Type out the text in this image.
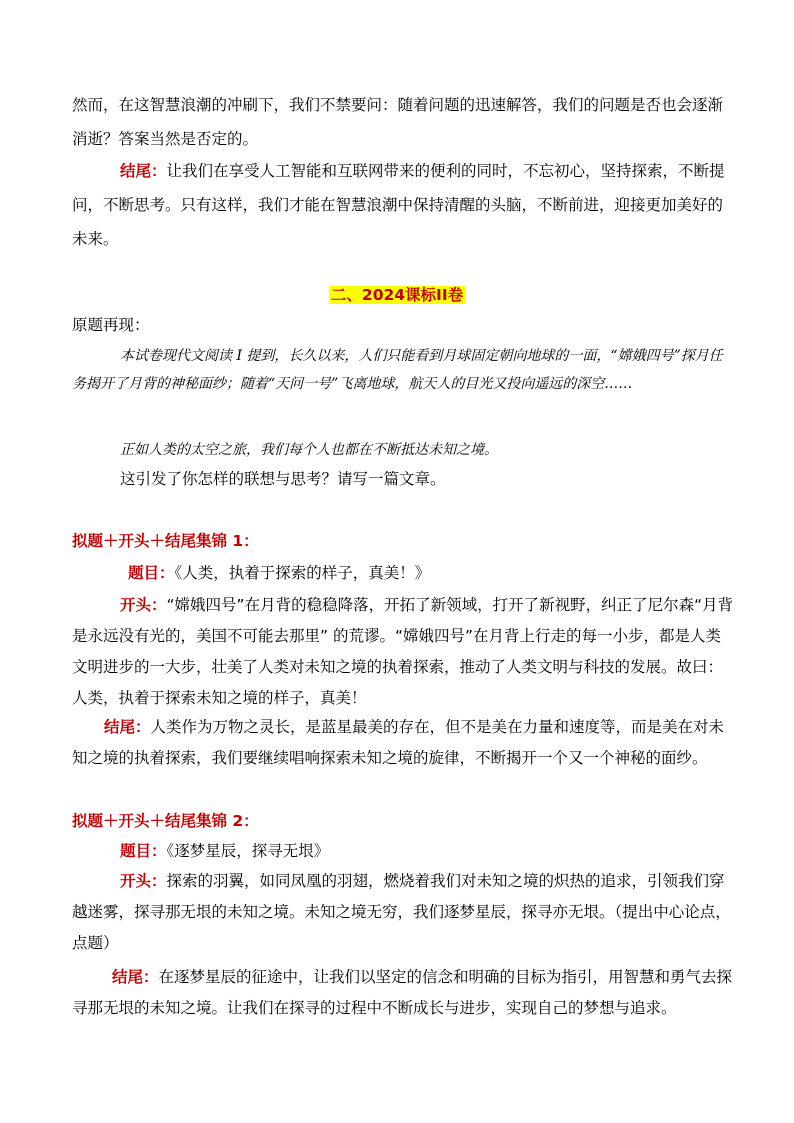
然而，在这智慧浪潮的冲刷下，我们不禁要问：随着问题的迅速解答，我们的问题是否也会逐渐消逝？答案当然是否定的。

结尾：让我们在享受人工智能和互联网带来的便利的同时，不忘初心，坚持探索，不断提问，不断思考。只有这样，我们才能在智慧浪潮中保持清醒的头脑，不断前进，迎接更加美好的未来。

二、2024课标II卷

原题再现：

本试卷现代文阅读 I 提到，长久以来，人们只能看到月球固定朝向地球的一面，“嫦娥四号”探月任务揭开了月背的神秘面纱；随着“天问一号”飞离地球，航天人的目光又投向遥远的深空……

正如人类的太空之旅，我们每个人也都在不断抵达未知之境。

这引发了你怎样的联想与思考？请写一篇文章。

拟题＋开头＋结尾集锦 1：

题目：《人类，执着于探索的样子，真美！》

开头：“嫦娥四号”在月背的稳稳降落，开拓了新领域，打开了新视野，纠正了尼尔森“月背是永远没有光的，美国不可能去那里” 的荒谬。“嫦娥四号”在月背上行走的每一小步，都是人类文明进步的一大步，壮美了人类对未知之境的执着探索，推动了人类文明与科技的发展。故曰：人类，执着于探索未知之境的样子，真美！

结尾：人类作为万物之灵长，是蓝星最美的存在，但不是美在力量和速度等，而是美在对未知之境的执着探索，我们要继续唱响探索未知之境的旋律，不断揭开一个又一个神秘的面纱。

拟题＋开头＋结尾集锦 2：

题目：《逐梦星辰，探寻无垠》

开头：探索的羽翼，如同凤凰的羽翅，燃烧着我们对未知之境的炽热的追求，引领我们穿越迷雾，探寻那无垠的未知之境。未知之境无穷，我们逐梦星辰，探寻亦无垠。（提出中心论点，点题）

结尾：在逐梦星辰的征途中，让我们以坚定的信念和明确的目标为指引，用智慧和勇气去探寻那无垠的未知之境。让我们在探寻的过程中不断成长与进步，实现自己的梦想与追求。
